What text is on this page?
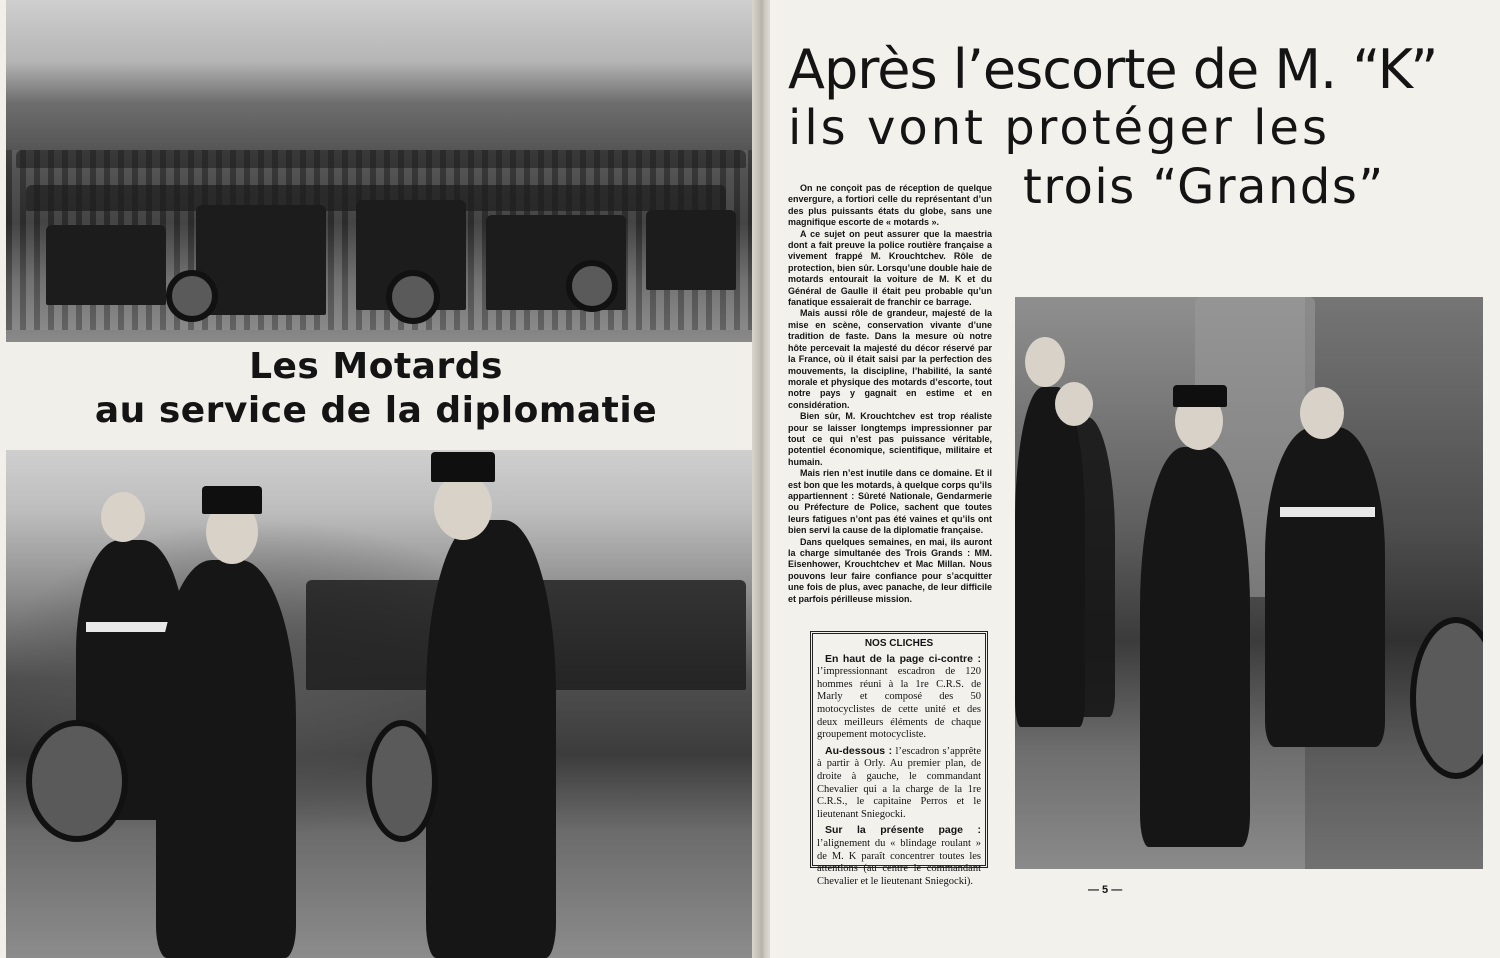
Les Motards
au service de la diplomatie
Après l’escorte de M. “K”
ils vont protéger les
trois “Grands”

On ne conçoit pas de réception de quelque envergure, a fortiori celle du représentant d’un des plus puissants états du globe, sans une magnifique escorte de « motards ».

A ce sujet on peut assurer que la maestria dont a fait preuve la police routière française a vivement frappé M. Krouchtchev. Rôle de protection, bien sûr. Lorsqu’une double haie de motards entourait la voiture de M. K et du Général de Gaulle il était peu probable qu’un fanatique essaierait de franchir ce barrage.

Mais aussi rôle de grandeur, majesté de la mise en scène, conservation vivante d’une tradition de faste. Dans la mesure où notre hôte percevait la majesté du décor réservé par la France, où il était saisi par la perfection des mouvements, la discipline, l’habilité, la santé morale et physique des motards d’escorte, tout notre pays y gagnait en estime et en considération.

Bien sûr, M. Krouchtchev est trop réaliste pour se laisser longtemps impressionner par tout ce qui n’est pas puissance véritable, potentiel économique, scientifique, militaire et humain.

Mais rien n’est inutile dans ce domaine. Et il est bon que les motards, à quelque corps qu’ils appartiennent : Sûreté Nationale, Gendarmerie ou Préfecture de Police, sachent que toutes leurs fatigues n’ont pas été vaines et qu’ils ont bien servi la cause de la diplomatie française.

Dans quelques semaines, en mai, ils auront la charge simultanée des Trois Grands : MM. Eisenhower, Krouchtchev et Mac Millan. Nous pouvons leur faire confiance pour s’acquitter une fois de plus, avec panache, de leur difficile et parfois périlleuse mission.

NOS CLICHES

En haut de la page ci-contre : l’impressionnant escadron de 120 hommes réuni à la 1re C.R.S. de Marly et composé des 50 motocyclistes de cette unité et des deux meilleurs éléments de chaque groupement motocycliste.

Au-dessous : l’escadron s’apprête à partir à Orly. Au premier plan, de droite à gauche, le commandant Chevalier qui a la charge de la 1re C.R.S., le capitaine Perros et le lieutenant Sniegocki.

Sur la présente page : l’alignement du « blindage roulant » de M. K paraît concentrer toutes les attentions (au centre le commandant Chevalier et le lieutenant Sniegocki).

— 5 —
